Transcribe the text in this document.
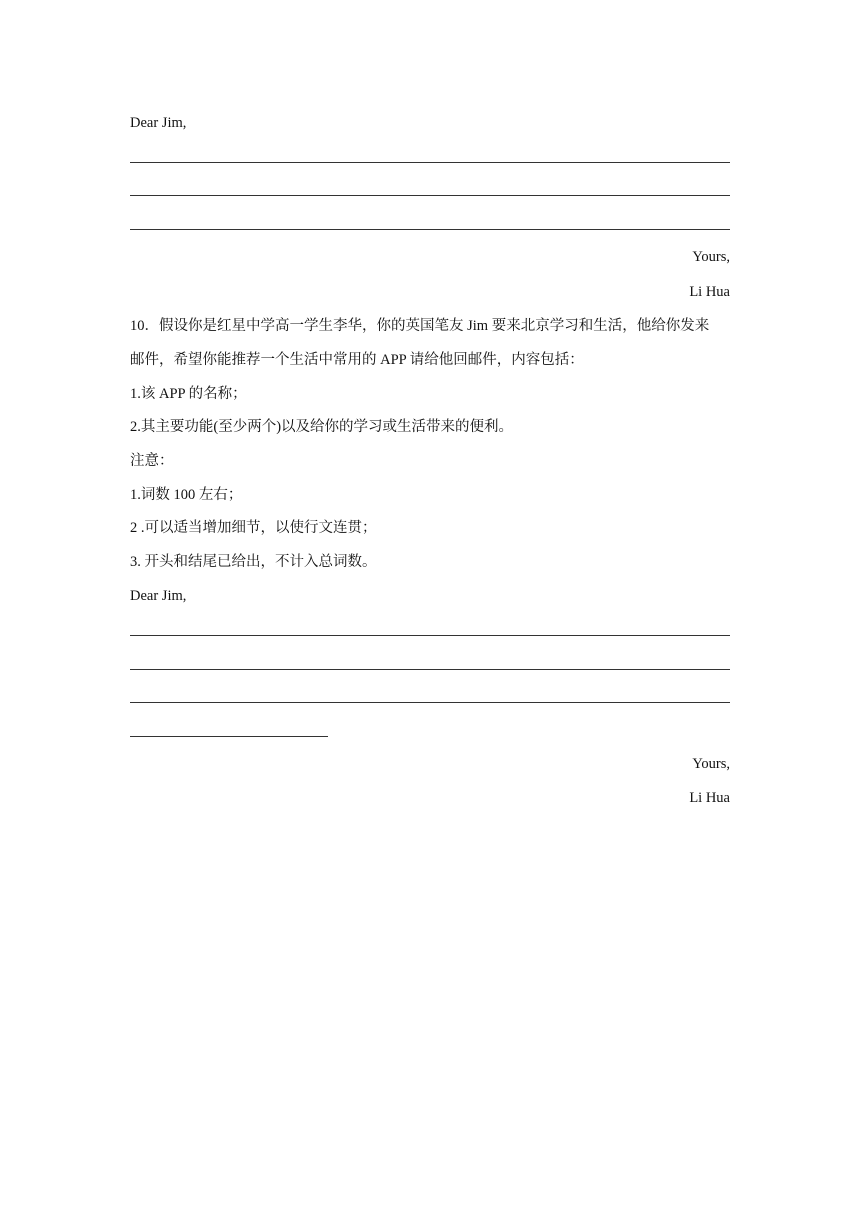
Dear Jim,
Yours,
Li Hua
10．假设你是红星中学高一学生李华，你的英国笔友 Jim 要来北京学习和生活，他给你发来
邮件，希望你能推荐一个生活中常用的 APP 请给他回邮件，内容包括：
1.该 APP 的名称；
2.其主要功能(至少两个)以及给你的学习或生活带来的便利。
注意：
1.词数 100 左右；
2 .可以适当增加细节，以使行文连贯；
3. 开头和结尾已给出，不计入总词数。
Dear Jim,
Yours,
Li Hua
